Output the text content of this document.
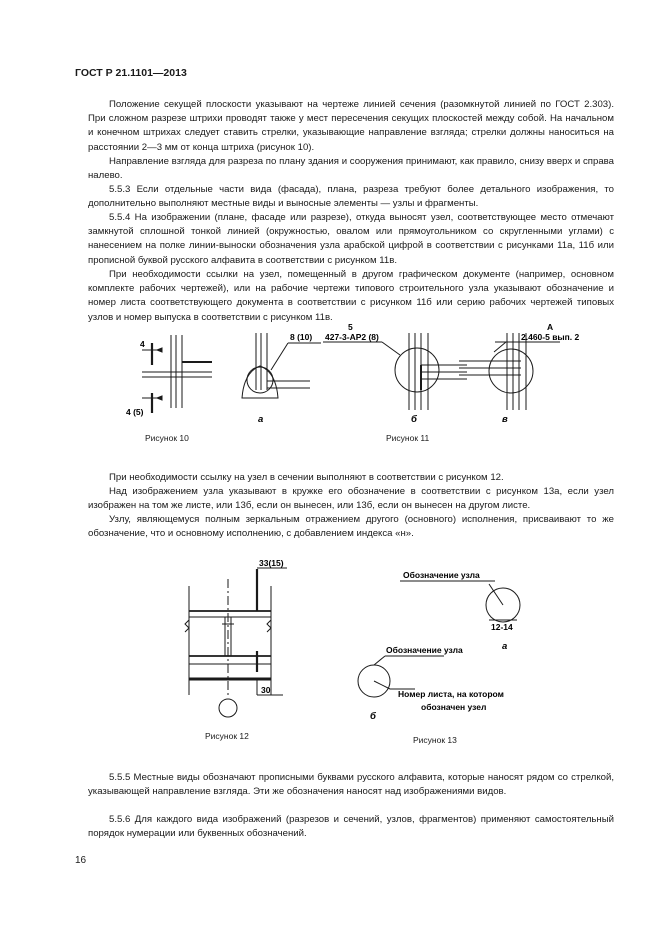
ГОСТ Р 21.1101—2013

Положение секущей плоскости указывают на чертеже линией сечения (разомкнутой линией по ГОСТ 2.303). При сложном разрезе штрихи проводят также у мест пересечения секущих плоскостей между собой. На начальном и конечном штрихах следует ставить стрелки, указывающие направление взгляда; стрелки должны наноситься на расстоянии 2—3 мм от конца штриха (рисунок 10).

Направление взгляда для разреза по плану здания и сооружения принимают, как правило, снизу вверх и справа налево.

5.5.3 Если отдельные части вида (фасада), плана, разреза требуют более детального изображения, то дополнительно выполняют местные виды и выносные элементы — узлы и фрагменты.

5.5.4 На изображении (плане, фасаде или разрезе), откуда выносят узел, соответствующее место отмечают замкнутой сплошной тонкой линией (окружностью, овалом или прямоугольником со скругленными углами) с нанесением на полке линии-выноски обозначения узла арабской цифрой в соответствии с рисунками 11а, 11б или прописной буквой русского алфавита в соответствии с рисунком 11в.

При необходимости ссылки на узел, помещенный в другом графическом документе (например, основном комплекте рабочих чертежей), или на рабочие чертежи типового строительного узла указывают обозначение и номер листа соответствующего документа в соответствии с рисунком 11б или серию рабочих чертежей типовых узлов и номер выпуска в соответствии с рисунком 11в.

4
4 (5)
8 (10)
а
5
427-3-АР2 (8)
б
А
2.460-5 вып. 2
в
Рисунок 10	Рисунок 11

При необходимости ссылку на узел в сечении выполняют в соответствии с рисунком 12.

Над изображением узла указывают в кружке его обозначение в соответствии с рисунком 13а, если узел изображен на том же листе, или 13б, если он вынесен, или 13б, если он вынесен на другом листе.

Узлу, являющемуся полным зеркальным отражением другого (основного) исполнения, присваивают то же обозначение, что и основному исполнению, с добавлением индекса «н».

33(15)
30
Обозначение узла
12-14
а
Обозначение узла
Номер листа, на котором
обозначен узел
б
Рисунок 12	Рисунок 13

5.5.5 Местные виды обозначают прописными буквами русского алфавита, которые наносят рядом со стрелкой, указывающей направление взгляда. Эти же обозначения наносят над изображениями видов.

5.5.6 Для каждого вида изображений (разрезов и сечений, узлов, фрагментов) применяют самостоятельный порядок нумерации или буквенных обозначений.

16
